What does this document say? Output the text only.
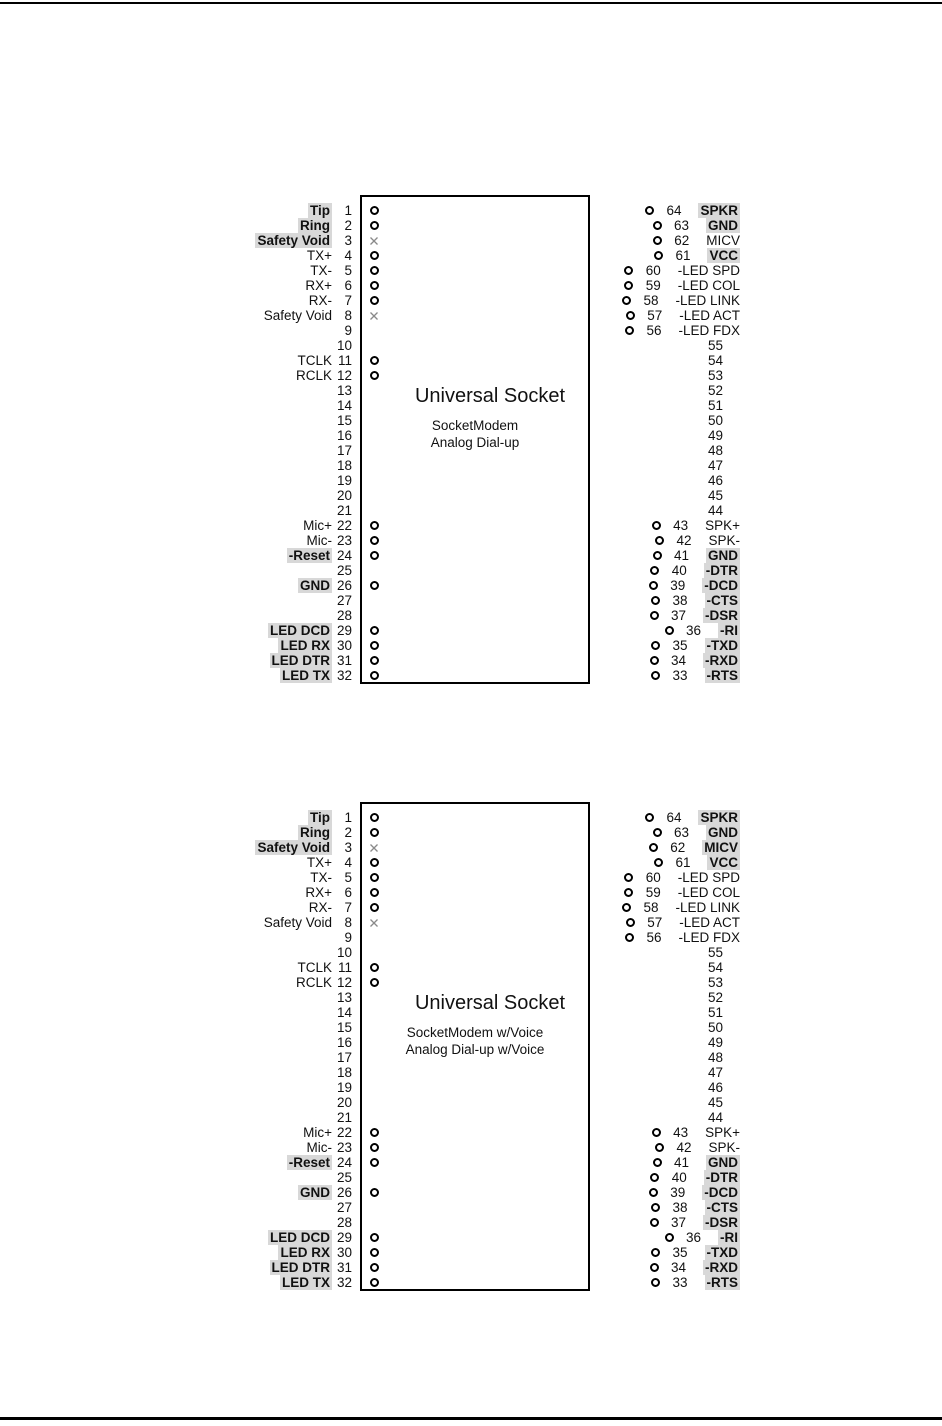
Tip	1	64	SPKR
Ring	2	63	GND
Safety Void	3	62	MICV
TX+ 4	61	VCC
TX- 5	60	-LED SPD
RX+ 6	59	-LED COL
RX- 7	58	-LED LINK
Safety Void 8	57	-LED ACT
9	56	-LED FDX
10	55
TCLK 11	54
RCLK 12	53
13	52
14	51
15	50
16	49
17	48
18	47
19	46
20	45
21	44
Mic+ 22	43	SPK+
Mic- 23	42	SPK-
-Reset 24	41	GND
25	40	-DTR
GND 26	39	-DCD
27	38	-CTS
28	37	-DSR
LED DCD 29	36	-RI
LED RX 30	35	-TXD
LED DTR 31	34	-RXD
LED TX 32	33	-RTS
Universal Socket
SocketModem
Analog Dial-up
Tip	1	64	SPKR
Ring	2	63	GND
Safety Void	3	62	MICV
TX+ 4	61	VCC
TX- 5	60	-LED SPD
RX+ 6	59	-LED COL
RX- 7	58	-LED LINK
Safety Void 8	57	-LED ACT
9	56	-LED FDX
10	55
TCLK 11	54
RCLK 12	53
13	52
14	51
15	50
16	49
17	48
18	47
19	46
20	45
21	44
Mic+ 22	43	SPK+
Mic- 23	42	SPK-
-Reset 24	41	GND
25	40	-DTR
GND 26	39	-DCD
27	38	-CTS
28	37	-DSR
LED DCD 29	36	-RI
LED RX 30	35	-TXD
LED DTR 31	34	-RXD
LED TX 32	33	-RTS
Universal Socket
SocketModem w/Voice
Analog Dial-up w/Voice
